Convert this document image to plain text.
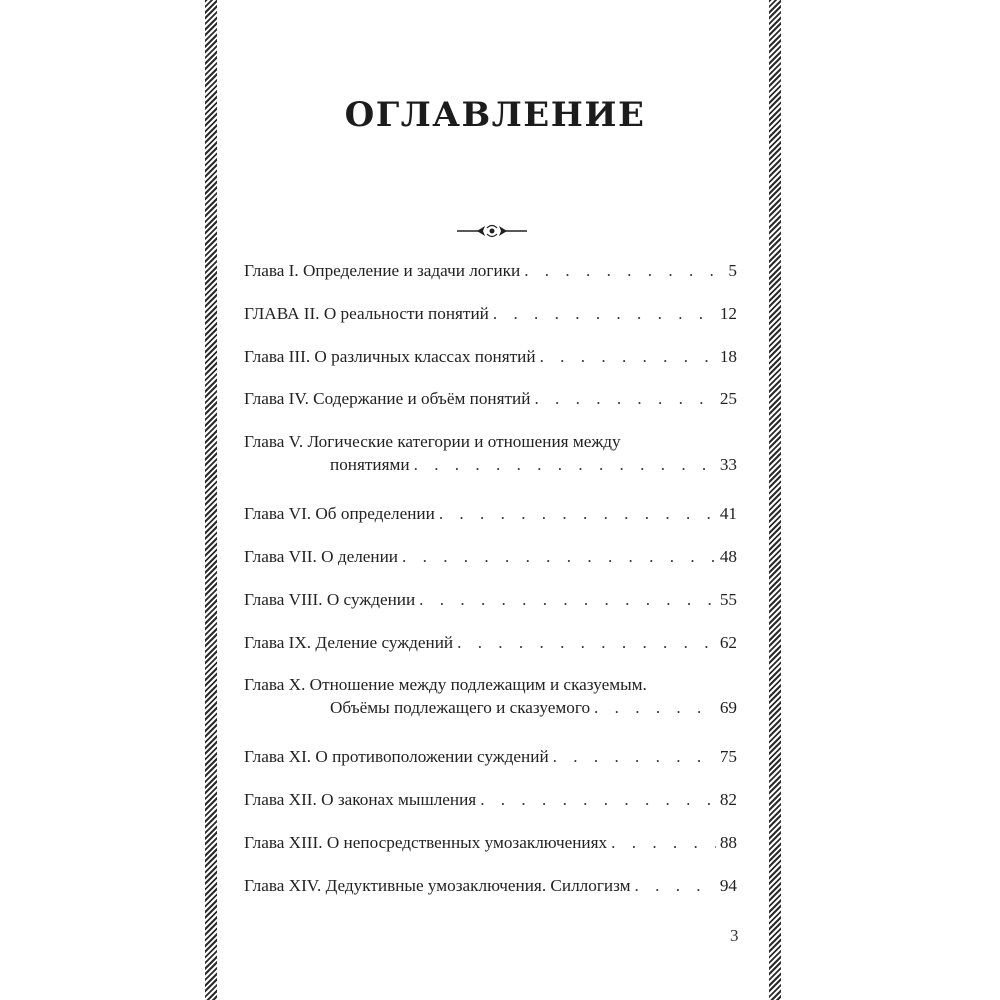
ОГЛАВЛЕНИЕ
Глава I. Определение и задачи логики . . .	5
ГЛАВА II. О реальности понятий . . .	12
Глава III. О различных классах понятий . . .	18
Глава IV. Содержание и объём понятий . . .	25
Глава V. Логические категории и отношения между
понятиями . . .	33
Глава VI. Об определении . . .	41
Глава VII. О делении . . .	48
Глава VIII. О суждении . . .	55
Глава IX. Деление суждений . . .	62
Глава X. Отношение между подлежащим и сказуемым.
Объёмы подлежащего и сказуемого . . .	69
Глава XI. О противоположении суждений . . .	75
Глава XII. О законах мышления . . .	82
Глава XIII. О непосредственных умозаключениях . . .	88
Глава XIV. Дедуктивные умозаключения. Силлогизм . . .	94
3
